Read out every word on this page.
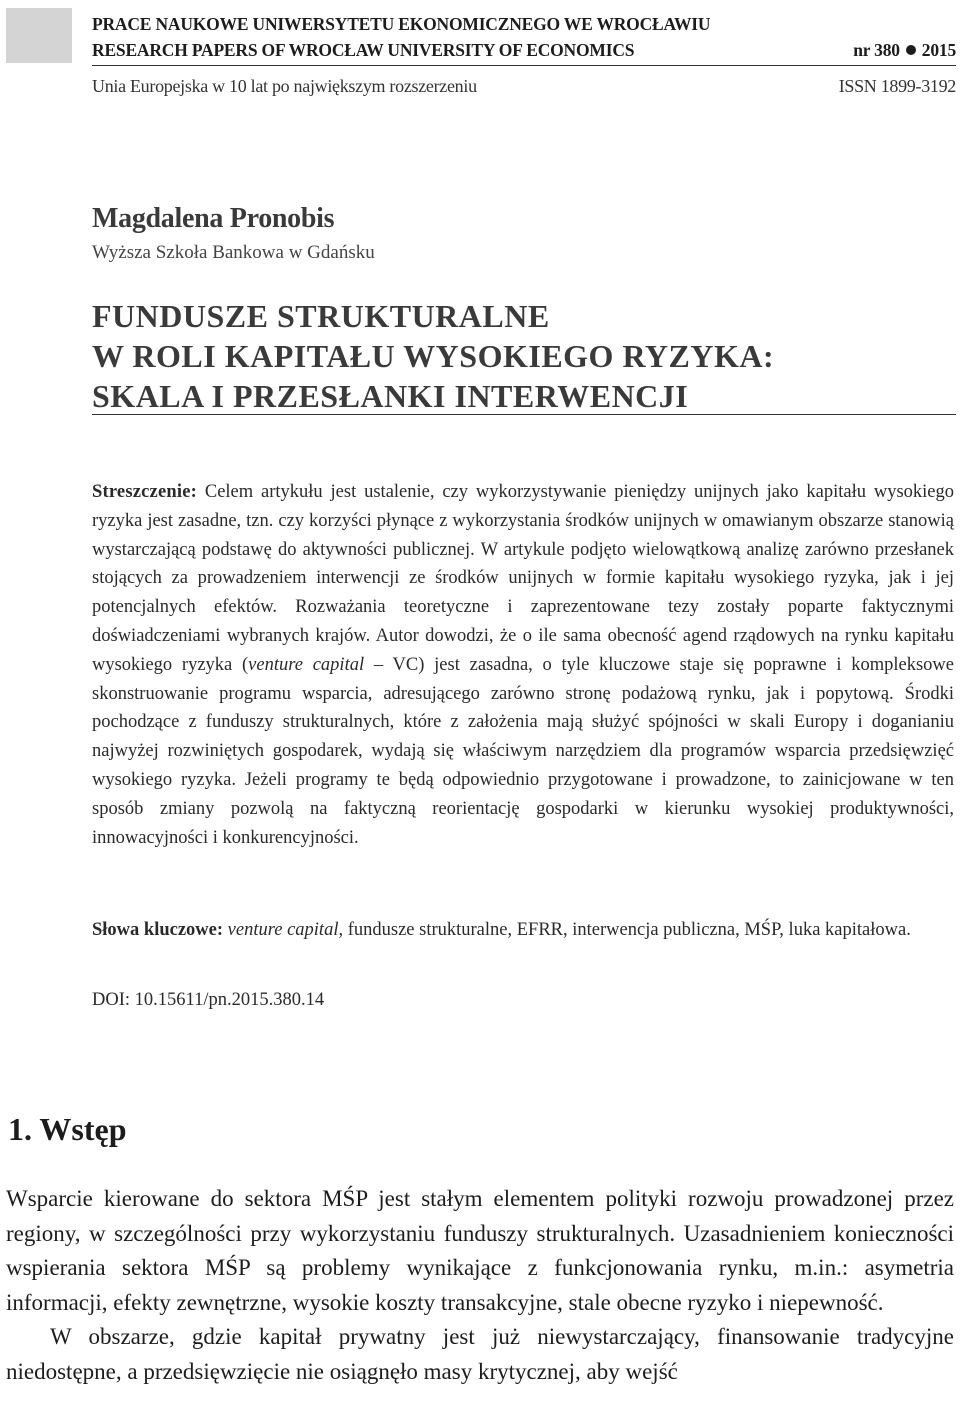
PRACE NAUKOWE UNIWERSYTETU EKONOMICZNEGO WE WROCŁAWIU
RESEARCH PAPERS OF WROCŁAW UNIVERSITY OF ECONOMICS	nr 380 2015
Unia Europejska w 10 lat po największym rozszerzeniu	ISSN 1899-3192
Magdalena Pronobis
Wyższa Szkoła Bankowa w Gdańsku
FUNDUSZE STRUKTURALNE
W ROLI KAPITAŁU WYSOKIEGO RYZYKA:
SKALA I PRZESŁANKI INTERWENCJI
Streszczenie: Celem artykułu jest ustalenie, czy wykorzystywanie pieniędzy unijnych jako kapitału wysokiego ryzyka jest zasadne, tzn. czy korzyści płynące z wykorzystania środków unijnych w omawianym obszarze stanowią wystarczającą podstawę do aktywności publicznej. W artykule podjęto wielowątkową analizę zarówno przesłanek stojących za prowadzeniem interwencji ze środków unijnych w formie kapitału wysokiego ryzyka, jak i jej potencjalnych efektów. Rozważania teoretyczne i zaprezentowane tezy zostały poparte faktycznymi doświadczeniami wybranych krajów. Autor dowodzi, że o ile sama obecność agend rządowych na rynku kapitału wysokiego ryzyka (venture capital – VC) jest zasadna, o tyle kluczowe staje się poprawne i kompleksowe skonstruowanie programu wsparcia, adresującego zarówno stronę podażową rynku, jak i popytową. Środki pochodzące z funduszy strukturalnych, które z założenia mają służyć spójności w skali Europy i doganianiu najwyżej rozwiniętych gospodarek, wydają się właściwym narzędziem dla programów wsparcia przedsięwzięć wysokiego ryzyka. Jeżeli programy te będą odpowiednio przygotowane i prowadzone, to zainicjowane w ten sposób zmiany pozwolą na faktyczną reorientację gospodarki w kierunku wysokiej produktywności, innowacyjności i konkurencyjności.
Słowa kluczowe: venture capital, fundusze strukturalne, EFRR, interwencja publiczna, MŚP, luka kapitałowa.
DOI: 10.15611/pn.2015.380.14
1. Wstęp

Wsparcie kierowane do sektora MŚP jest stałym elementem polityki rozwoju prowadzonej przez regiony, w szczególności przy wykorzystaniu funduszy strukturalnych. Uzasadnieniem konieczności wspierania sektora MŚP są problemy wynikające z funkcjonowania rynku, m.in.: asymetria informacji, efekty zewnętrzne, wysokie koszty transakcyjne, stale obecne ryzyko i niepewność.

W obszarze, gdzie kapitał prywatny jest już niewystarczający, finansowanie tradycyjne niedostępne, a przedsięwzięcie nie osiągnęło masy krytycznej, aby wejść
